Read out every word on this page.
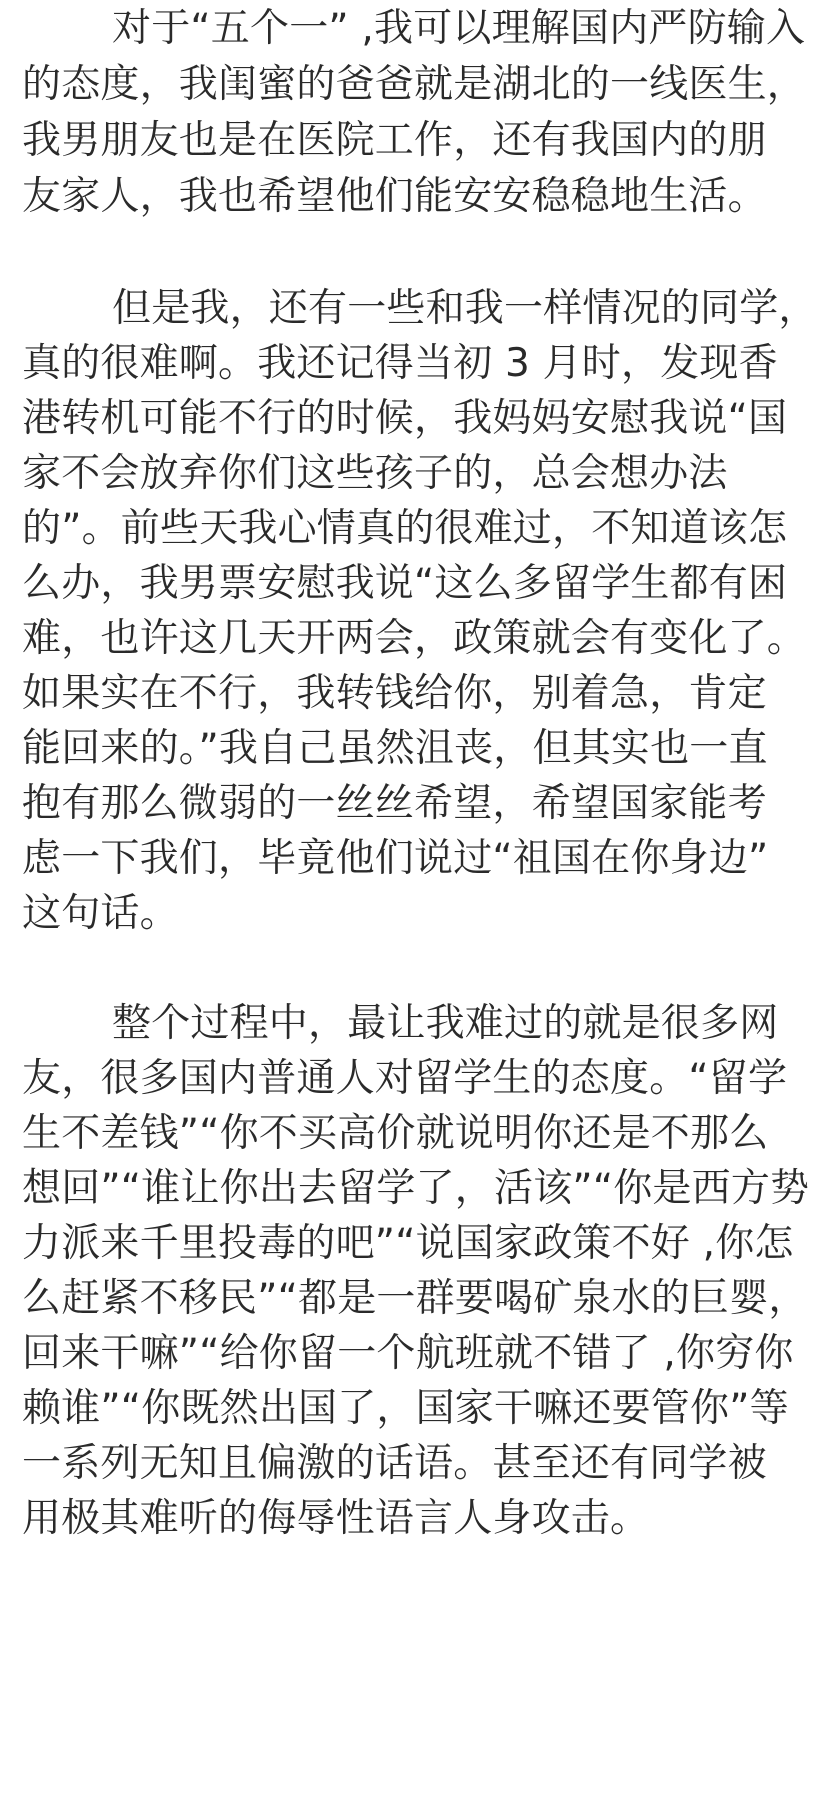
对于“五个一” ,我可以理解国内严防输入

的态度，我闺蜜的爸爸就是湖北的一线医生，

我男朋友也是在医院工作，还有我国内的朋

友家人，我也希望他们能安安稳稳地生活。

但是我，还有一些和我一样情况的同学，

真的很难啊。我还记得当初 3 月时，发现香

港转机可能不行的时候，我妈妈安慰我说“国

家不会放弃你们这些孩子的，总会想办法

的”。前些天我心情真的很难过，不知道该怎

么办，我男票安慰我说“这么多留学生都有困

难，也许这几天开两会，政策就会有变化了。

如果实在不行，我转钱给你，别着急，肯定

能回来的。”我自己虽然沮丧，但其实也一直

抱有那么微弱的一丝丝希望，希望国家能考

虑一下我们，毕竟他们说过“祖国在你身边”

这句话。

整个过程中，最让我难过的就是很多网

友，很多国内普通人对留学生的态度。“留学

生不差钱”“你不买高价就说明你还是不那么

想回”“谁让你出去留学了，活该”“你是西方势

力派来千里投毒的吧”“说国家政策不好 ,你怎

么赶紧不移民”“都是一群要喝矿泉水的巨婴，

回来干嘛”“给你留一个航班就不错了 ,你穷你

赖谁”“你既然出国了，国家干嘛还要管你”等

一系列无知且偏激的话语。甚至还有同学被

用极其难听的侮辱性语言人身攻击。
